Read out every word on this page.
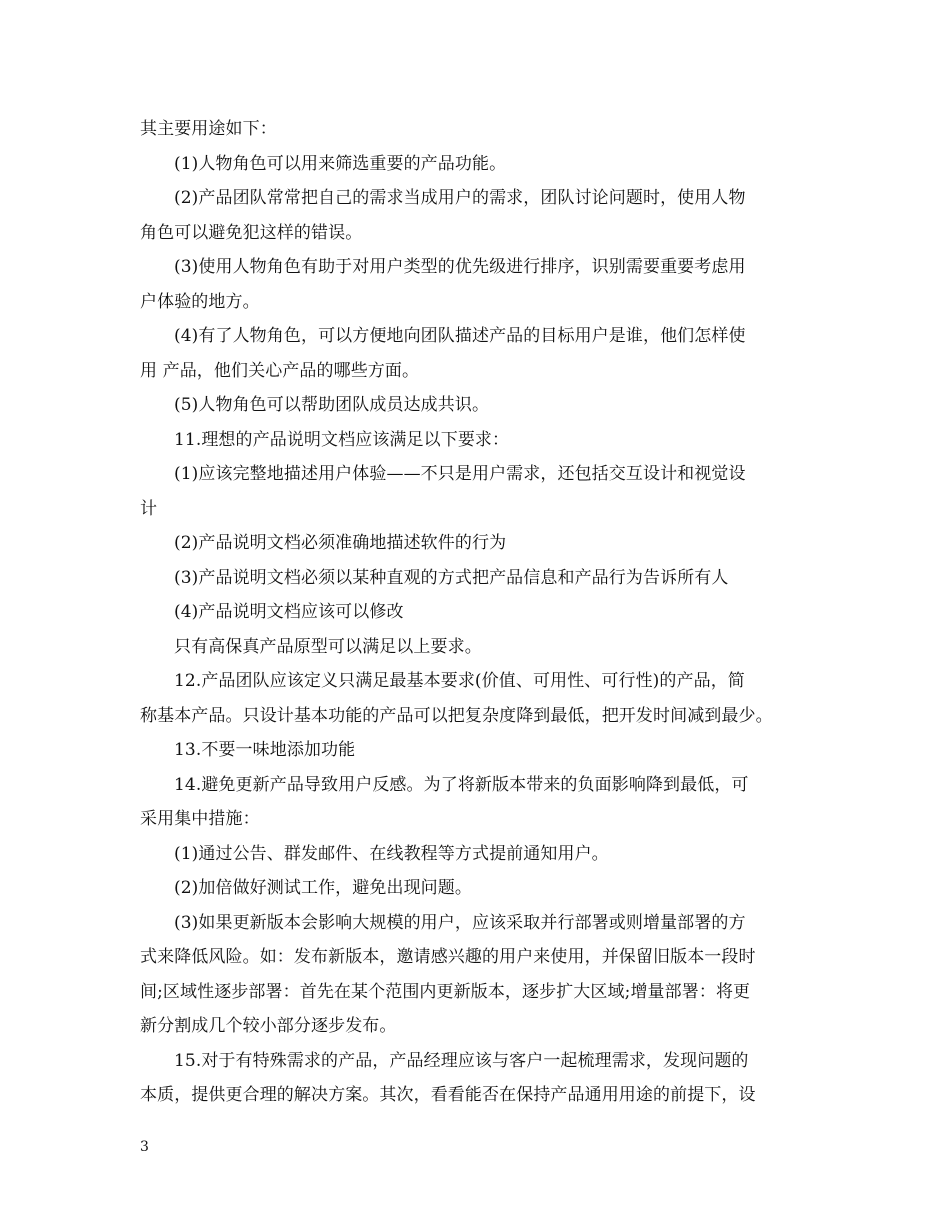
其主要用途如下：
(1)人物角色可以用来筛选重要的产品功能。
(2)产品团队常常把自己的需求当成用户的需求，团队讨论问题时，使用人物
角色可以避免犯这样的错误。
(3)使用人物角色有助于对用户类型的优先级进行排序，识别需要重要考虑用
户体验的地方。
(4)有了人物角色，可以方便地向团队描述产品的目标用户是谁，他们怎样使
用 产品，他们关心产品的哪些方面。
(5)人物角色可以帮助团队成员达成共识。
11.理想的产品说明文档应该满足以下要求：
(1)应该完整地描述用户体验——不只是用户需求，还包括交互设计和视觉设
计
(2)产品说明文档必须准确地描述软件的行为
(3)产品说明文档必须以某种直观的方式把产品信息和产品行为告诉所有人
(4)产品说明文档应该可以修改
只有高保真产品原型可以满足以上要求。
12.产品团队应该定义只满足最基本要求(价值、可用性、可行性)的产品，简
称基本产品。只设计基本功能的产品可以把复杂度降到最低，把开发时间减到最少。
13.不要一味地添加功能
14.避免更新产品导致用户反感。为了将新版本带来的负面影响降到最低，可
采用集中措施：
(1)通过公告、群发邮件、在线教程等方式提前通知用户。
(2)加倍做好测试工作，避免出现问题。
(3)如果更新版本会影响大规模的用户，应该采取并行部署或则增量部署的方
式来降低风险。如：发布新版本，邀请感兴趣的用户来使用，并保留旧版本一段时
间;区域性逐步部署：首先在某个范围内更新版本，逐步扩大区域;增量部署：将更
新分割成几个较小部分逐步发布。
15.对于有特殊需求的产品，产品经理应该与客户一起梳理需求，发现问题的
本质，提供更合理的解决方案。其次，看看能否在保持产品通用用途的前提下，设
3
